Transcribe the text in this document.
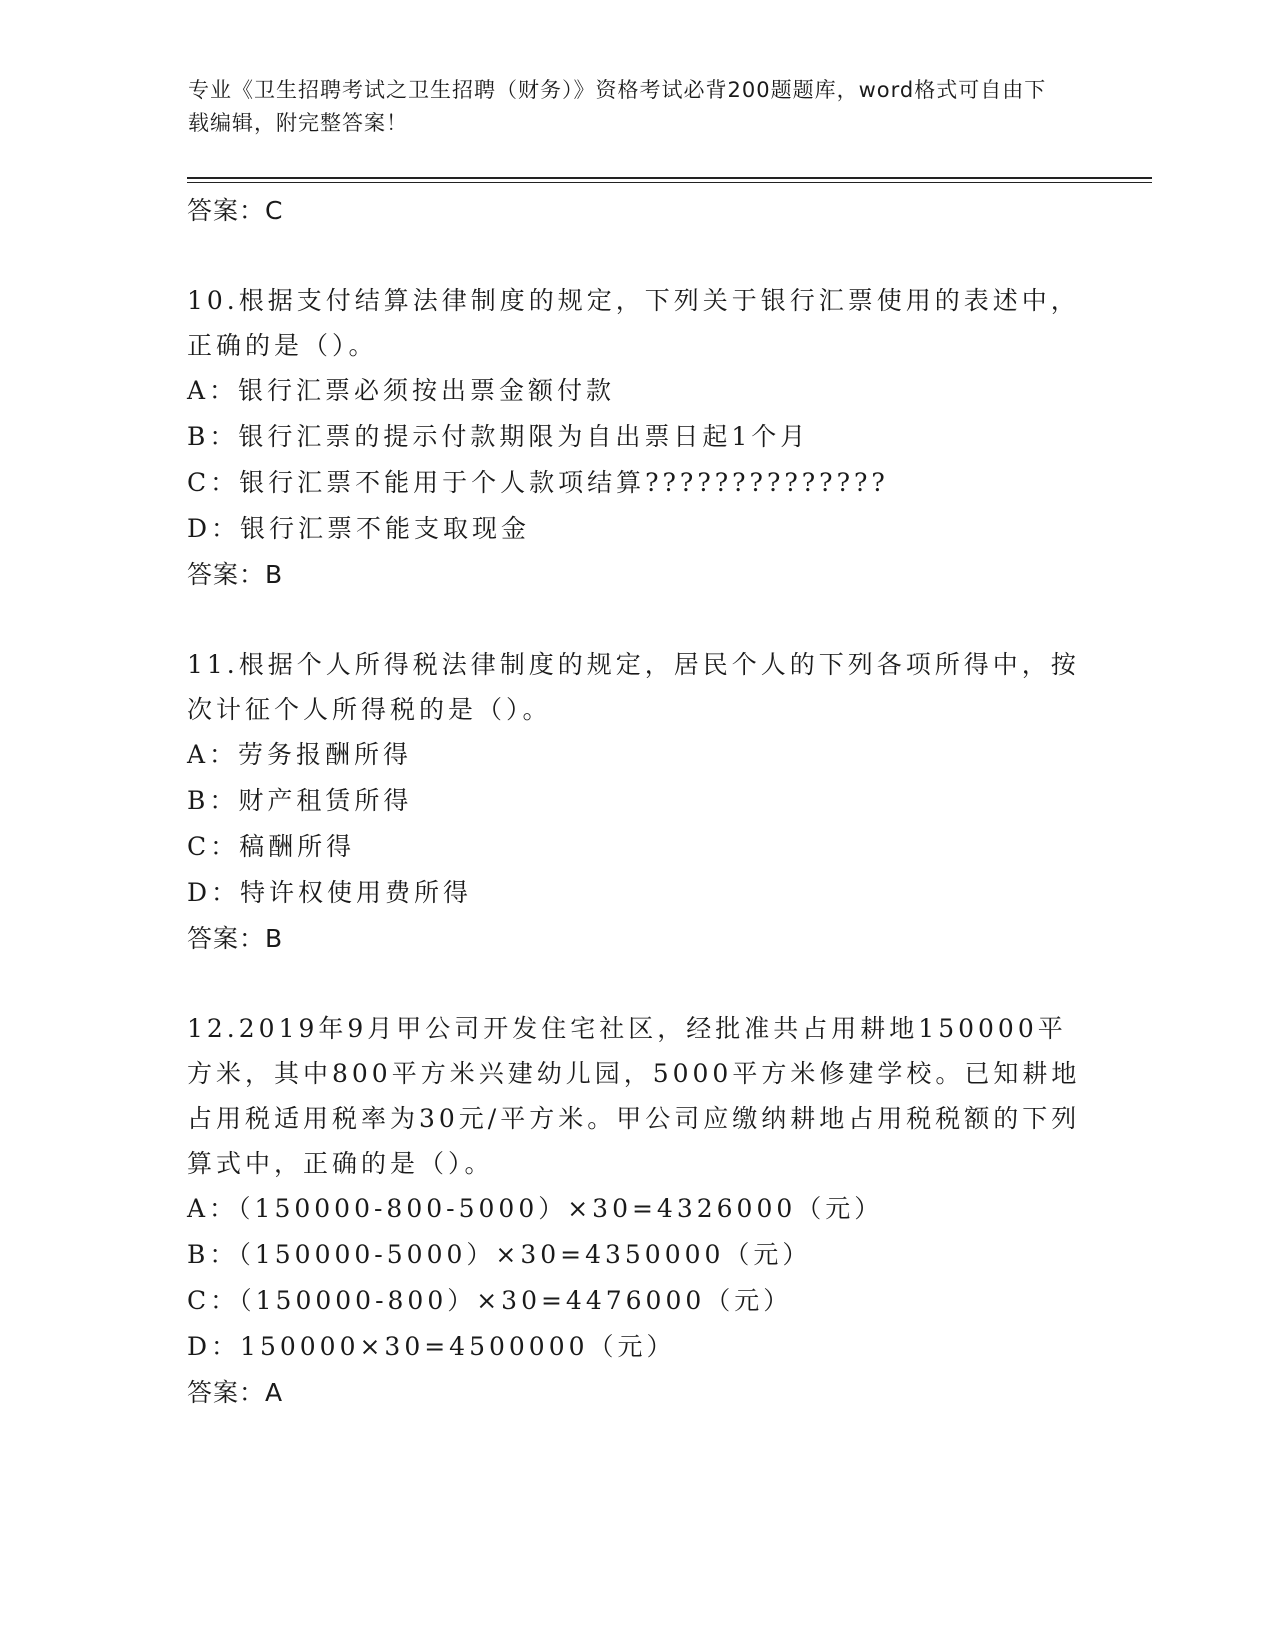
专业《卫生招聘考试之卫生招聘（财务）》资格考试必背200题题库，word格式可自由下载编辑，附完整答案！
答案：C
10.根据支付结算法律制度的规定，下列关于银行汇票使用的表述中，正确的是（）。
A：银行汇票必须按出票金额付款
B：银行汇票的提示付款期限为自出票日起1个月
C：银行汇票不能用于个人款项结算??????????????
D：银行汇票不能支取现金
答案：B
11.根据个人所得税法律制度的规定，居民个人的下列各项所得中，按次计征个人所得税的是（）。
A：劳务报酬所得
B：财产租赁所得
C：稿酬所得
D：特许权使用费所得
答案：B
12.2019年9月甲公司开发住宅社区，经批准共占用耕地150000平方米，其中800平方米兴建幼儿园，5000平方米修建学校。已知耕地占用税适用税率为30元/平方米。甲公司应缴纳耕地占用税税额的下列算式中，正确的是（）。
A：（150000-800-5000）×30=4326000（元）
B：（150000-5000）×30=4350000（元）
C：（150000-800）×30=4476000（元）
D：150000×30=4500000（元）
答案：A
